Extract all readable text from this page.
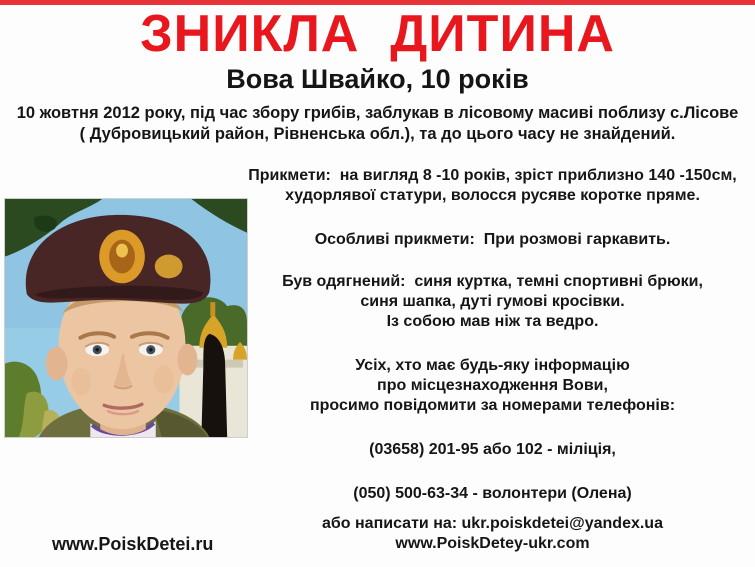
ЗНИКЛА  ДИТИНА
Вова Швайко, 10 років
10 жовтня 2012 року, під час збору грибів, заблукав в лісовому масиві поблизу с.Лісове
( Дубровицький район, Рівненська обл.), та до цього часу не знайдений.
Прикмети:  на вигляд 8 -10 років, зріст приблизно 140 -150см,
худорлявої статури, волосся русяве коротке пряме.
Особливі прикмети:  При розмові гаркавить.
Був одягнений:  синя куртка, темні спортивні брюки,
синя шапка, дуті гумові кросівки.
Із собою мав ніж та ведро.
Усіх, хто має будь-яку інформацію
про місцезнаходження Вови,
просимо повідомити за номерами телефонів:
(03658) 201-95 або 102 - міліція,
(050) 500-63-34 - волонтери (Олена)
або написати на: ukr.poiskdetei@yandex.ua
www.PoiskDetey-ukr.com
www.PoiskDetei.ru
